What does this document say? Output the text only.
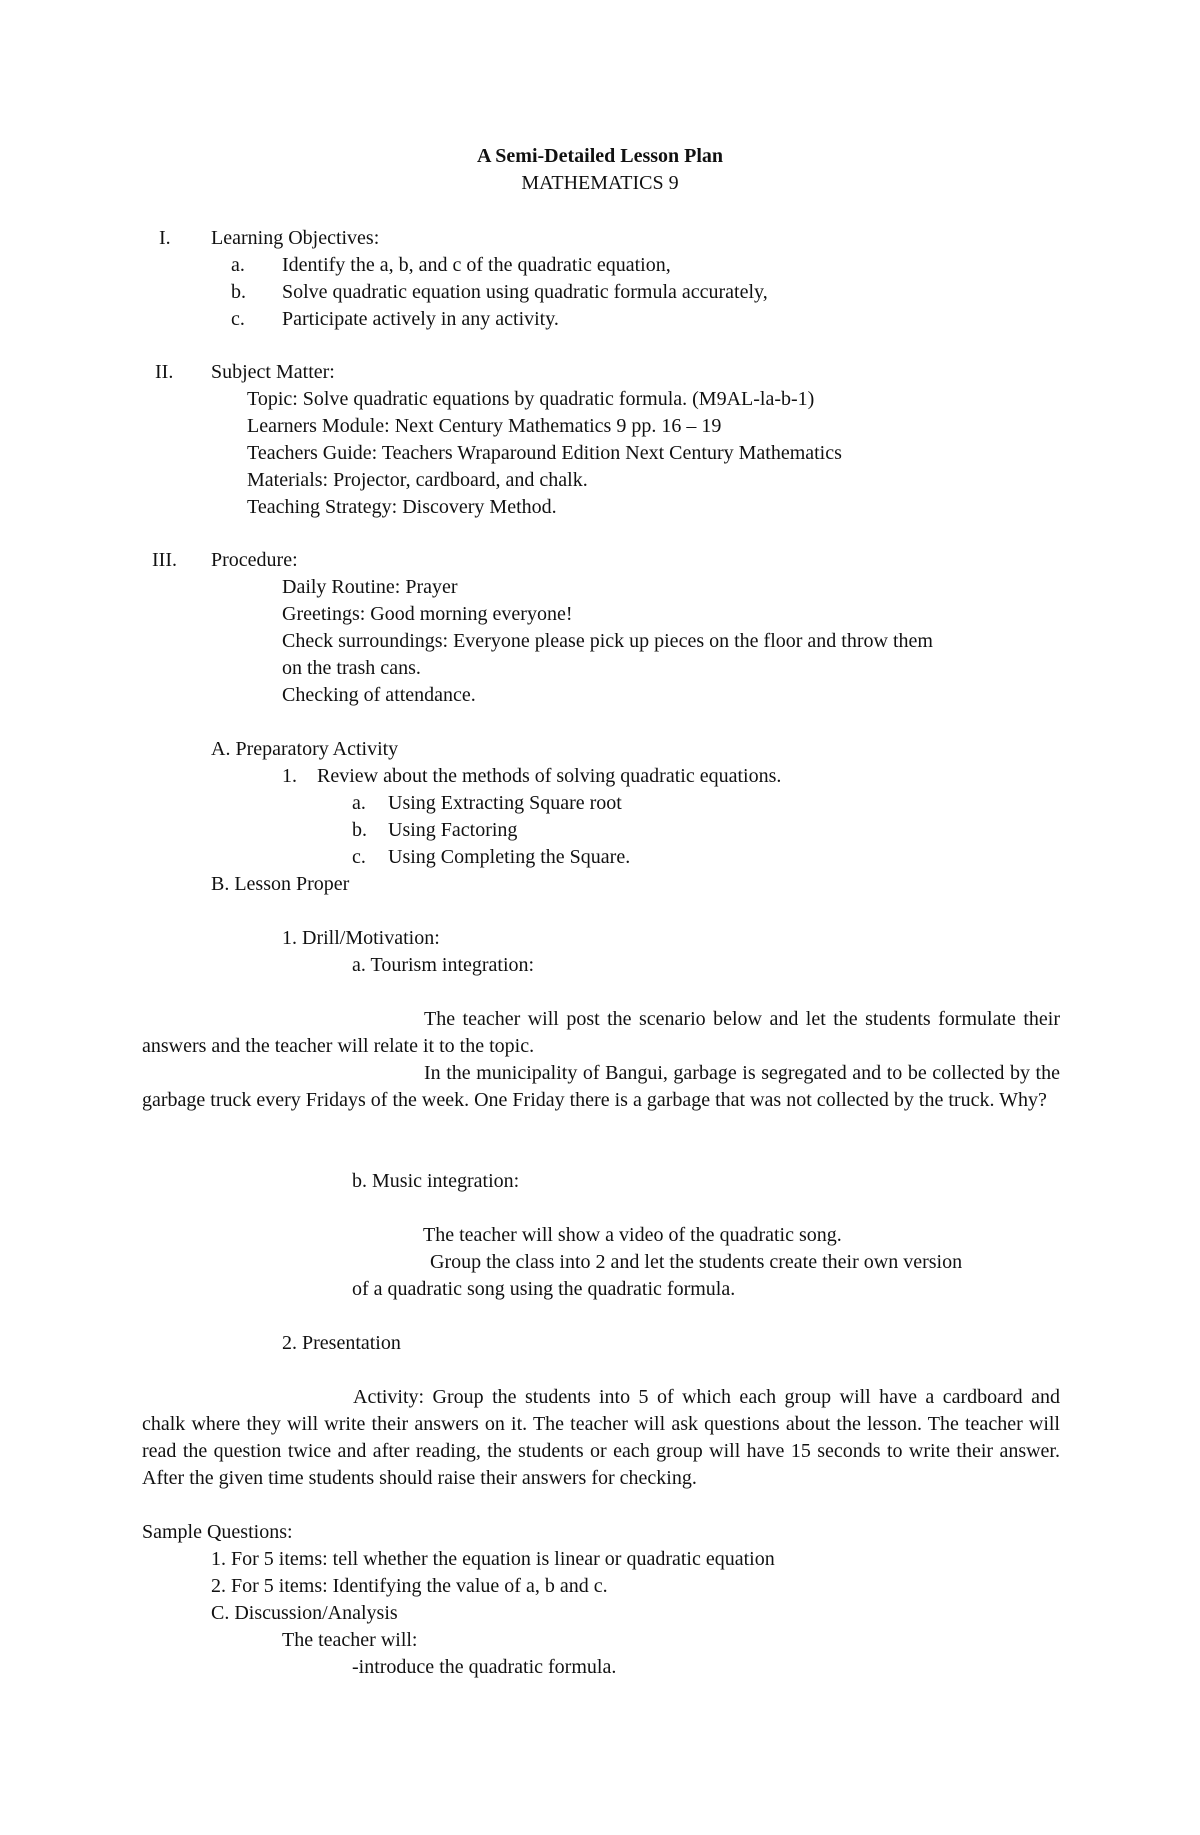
A Semi-Detailed Lesson Plan
MATHEMATICS 9
I. Learning Objectives:
a. Identify the a, b, and c of the quadratic equation,
b. Solve quadratic equation using quadratic formula accurately,
c. Participate actively in any activity.
II. Subject Matter:
Topic: Solve quadratic equations by quadratic formula. (M9AL-la-b-1)
Learners Module: Next Century Mathematics 9 pp. 16 – 19
Teachers Guide: Teachers Wraparound Edition Next Century Mathematics
Materials: Projector, cardboard, and chalk.
Teaching Strategy: Discovery Method.
III. Procedure:
Daily Routine: Prayer
Greetings: Good morning everyone!
Check surroundings: Everyone please pick up pieces on the floor and throw them
on the trash cans.
Checking of attendance.
A. Preparatory Activity
1. Review about the methods of solving quadratic equations.
a. Using Extracting Square root
b. Using Factoring
c. Using Completing the Square.
B. Lesson Proper
1. Drill/Motivation:
a. Tourism integration:
The teacher will post the scenario below and let the students formulate their answers and the teacher will relate it to the topic.
In the municipality of Bangui, garbage is segregated and to be collected by the garbage truck every Fridays of the week. One Friday there is a garbage that was not collected by the truck. Why?
b. Music integration:
The teacher will show a video of the quadratic song.
Group the class into 2 and let the students create their own version
of a quadratic song using the quadratic formula.
2. Presentation
Activity: Group the students into 5 of which each group will have a cardboard and chalk where they will write their answers on it. The teacher will ask questions about the lesson. The teacher will read the question twice and after reading, the students or each group will have 15 seconds to write their answer. After the given time students should raise their answers for checking.
Sample Questions:
1. For 5 items: tell whether the equation is linear or quadratic equation
2. For 5 items: Identifying the value of a, b and c.
C. Discussion/Analysis
The teacher will:
-introduce the quadratic formula.
